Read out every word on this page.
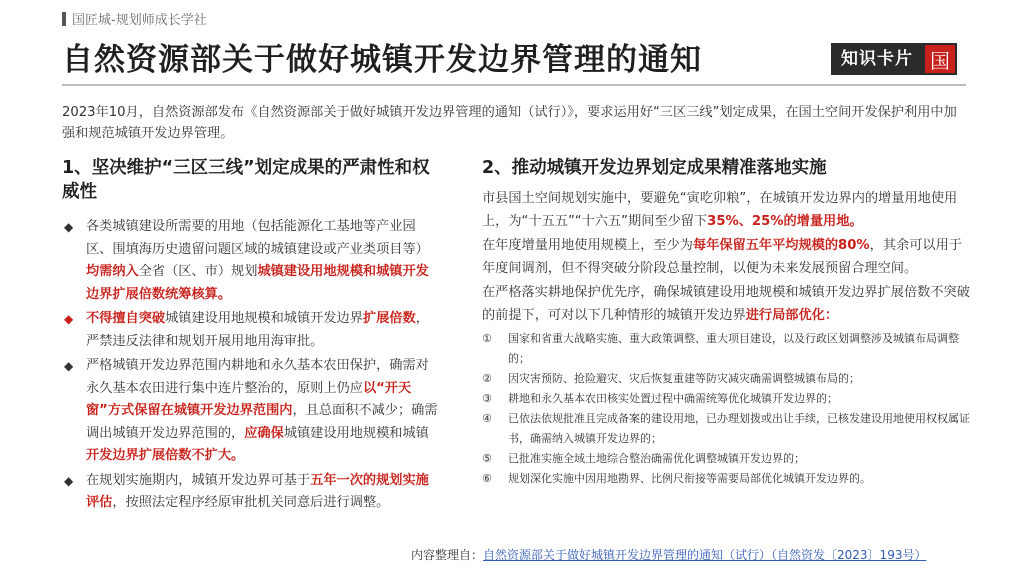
国匠城-规划师成长学社
自然资源部关于做好城镇开发边界管理的通知	知识卡片 国

2023年10月，自然资源部发布《自然资源部关于做好城镇开发边界管理的通知（试行）》，要求运用好“三区三线”划定成果，在国土空间开发保护利用中加强和规范城镇开发边界管理。

1、坚决维护“三区三线”划定成果的严肃性和权威性
◆ 各类城镇建设所需要的用地（包括能源化工基地等产业园区、围填海历史遗留问题区域的城镇建设或产业类项目等）均需纳入全省（区、市）规划城镇建设用地规模和城镇开发边界扩展倍数统筹核算。
◆ 不得擅自突破城镇建设用地规模和城镇开发边界扩展倍数，严禁违反法律和规划开展用地用海审批。
◆ 严格城镇开发边界范围内耕地和永久基本农田保护，确需对永久基本农田进行集中连片整治的，原则上仍应以“开天窗”方式保留在城镇开发边界范围内，且总面积不减少；确需调出城镇开发边界范围的，应确保城镇建设用地规模和城镇开发边界扩展倍数不扩大。
◆ 在规划实施期内，城镇开发边界可基于五年一次的规划实施评估，按照法定程序经原审批机关同意后进行调整。
2、推动城镇开发边界划定成果精准落地实施

市县国土空间规划实施中，要避免“寅吃卯粮”，在城镇开发边界内的增量用地使用上，为“十五五”“十六五”期间至少留下35%、25%的增量用地。

在年度增量用地使用规模上，至少为每年保留五年平均规模的80%，其余可以用于年度间调剂，但不得突破分阶段总量控制，以便为未来发展预留合理空间。

在严格落实耕地保护优先序，确保城镇建设用地规模和城镇开发边界扩展倍数不突破的前提下，可对以下几种情形的城镇开发边界进行局部优化：

① 国家和省重大战略实施、重大政策调整、重大项目建设，以及行政区划调整涉及城镇布局调整的；
② 因灾害预防、抢险避灾、灾后恢复重建等防灾减灾确需调整城镇布局的；
③ 耕地和永久基本农田核实处置过程中确需统筹优化城镇开发边界的；
④ 已依法依规批准且完成备案的建设用地，已办理划拨或出让手续，已核发建设用地使用权权属证书，确需纳入城镇开发边界的；
⑤ 已批准实施全域土地综合整治确需优化调整城镇开发边界的；
⑥ 规划深化实施中因用地勘界、比例尺衔接等需要局部优化城镇开发边界的。
内容整理自：自然资源部关于做好城镇开发边界管理的通知（试行）（自然资发〔2023〕193号）
